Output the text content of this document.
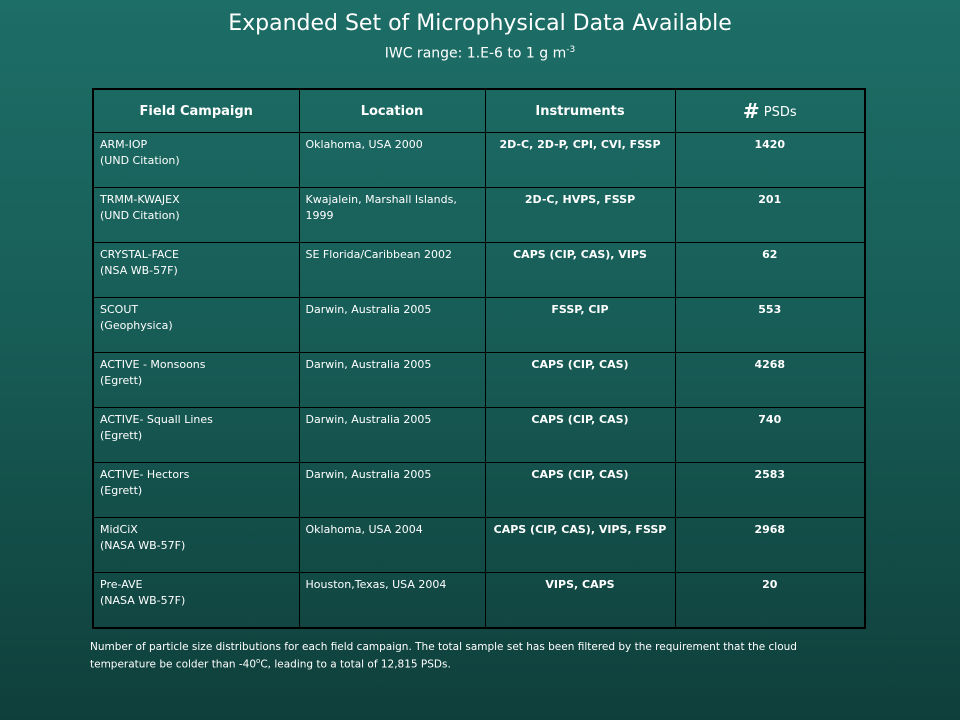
Expanded Set of Microphysical Data Available
IWC range: 1.E-6 to 1 g $m^{-3}$
Field Campaign	Location	Instruments	# PSDs

ARM-IOP
(UND Citation)	Oklahoma, USA 2000	2D-C, 2D-P, CPI, CVI, FSSP	1420

TRMM-KWAJEX
(UND Citation)	Kwajalein, Marshall Islands, 1999	2D-C, HVPS, FSSP	201

CRYSTAL-FACE
(NSA WB-57F)	SE Florida/Caribbean 2002	CAPS (CIP, CAS), VIPS	62

SCOUT
(Geophysica)	Darwin, Australia 2005	FSSP, CIP	553

ACTIVE - Monsoons
(Egrett)	Darwin, Australia 2005	CAPS (CIP, CAS)	4268

ACTIVE- Squall Lines
(Egrett)	Darwin, Australia 2005	CAPS (CIP, CAS)	740

ACTIVE- Hectors
(Egrett)	Darwin, Australia 2005	CAPS (CIP, CAS)	2583

MidCiX
(NASA WB-57F)	Oklahoma, USA 2004	CAPS (CIP, CAS), VIPS, FSSP	2968

Pre-AVE
(NASA WB-57F)	Houston,Texas, USA 2004	VIPS, CAPS	20
Number of particle size distributions for each field campaign. The total sample set has been filtered by the requirement that the cloud temperature be colder than -40$^o$C, leading to a total of 12,815 PSDs.
